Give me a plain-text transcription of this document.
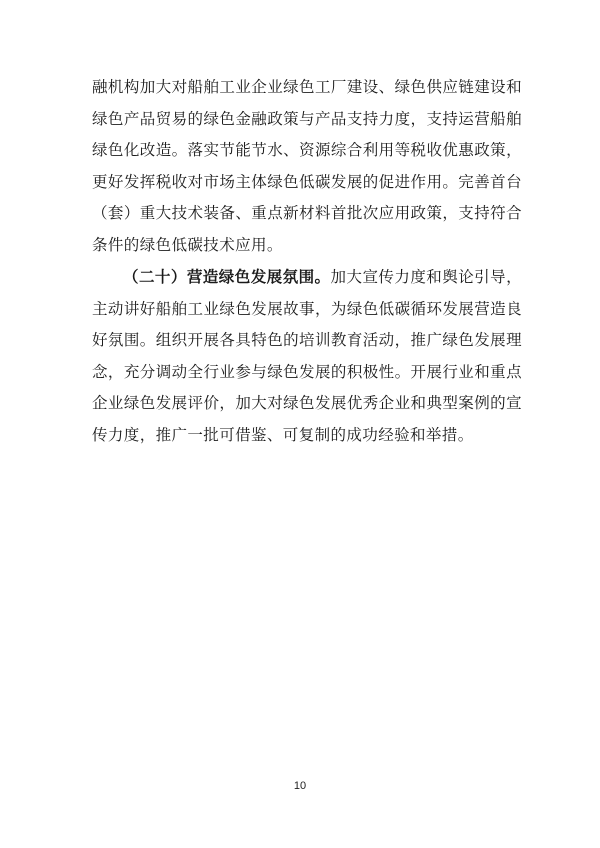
融机构加大对船舶工业企业绿色工厂建设、绿色供应链建设和绿色产品贸易的绿色金融政策与产品支持力度，支持运营船舶绿色化改造。落实节能节水、资源综合利用等税收优惠政策，更好发挥税收对市场主体绿色低碳发展的促进作用。完善首台（套）重大技术装备、重点新材料首批次应用政策，支持符合条件的绿色低碳技术应用。

（二十）营造绿色发展氛围。加大宣传力度和舆论引导，主动讲好船舶工业绿色发展故事，为绿色低碳循环发展营造良好氛围。组织开展各具特色的培训教育活动，推广绿色发展理念，充分调动全行业参与绿色发展的积极性。开展行业和重点企业绿色发展评价，加大对绿色发展优秀企业和典型案例的宣传力度，推广一批可借鉴、可复制的成功经验和举措。

10
